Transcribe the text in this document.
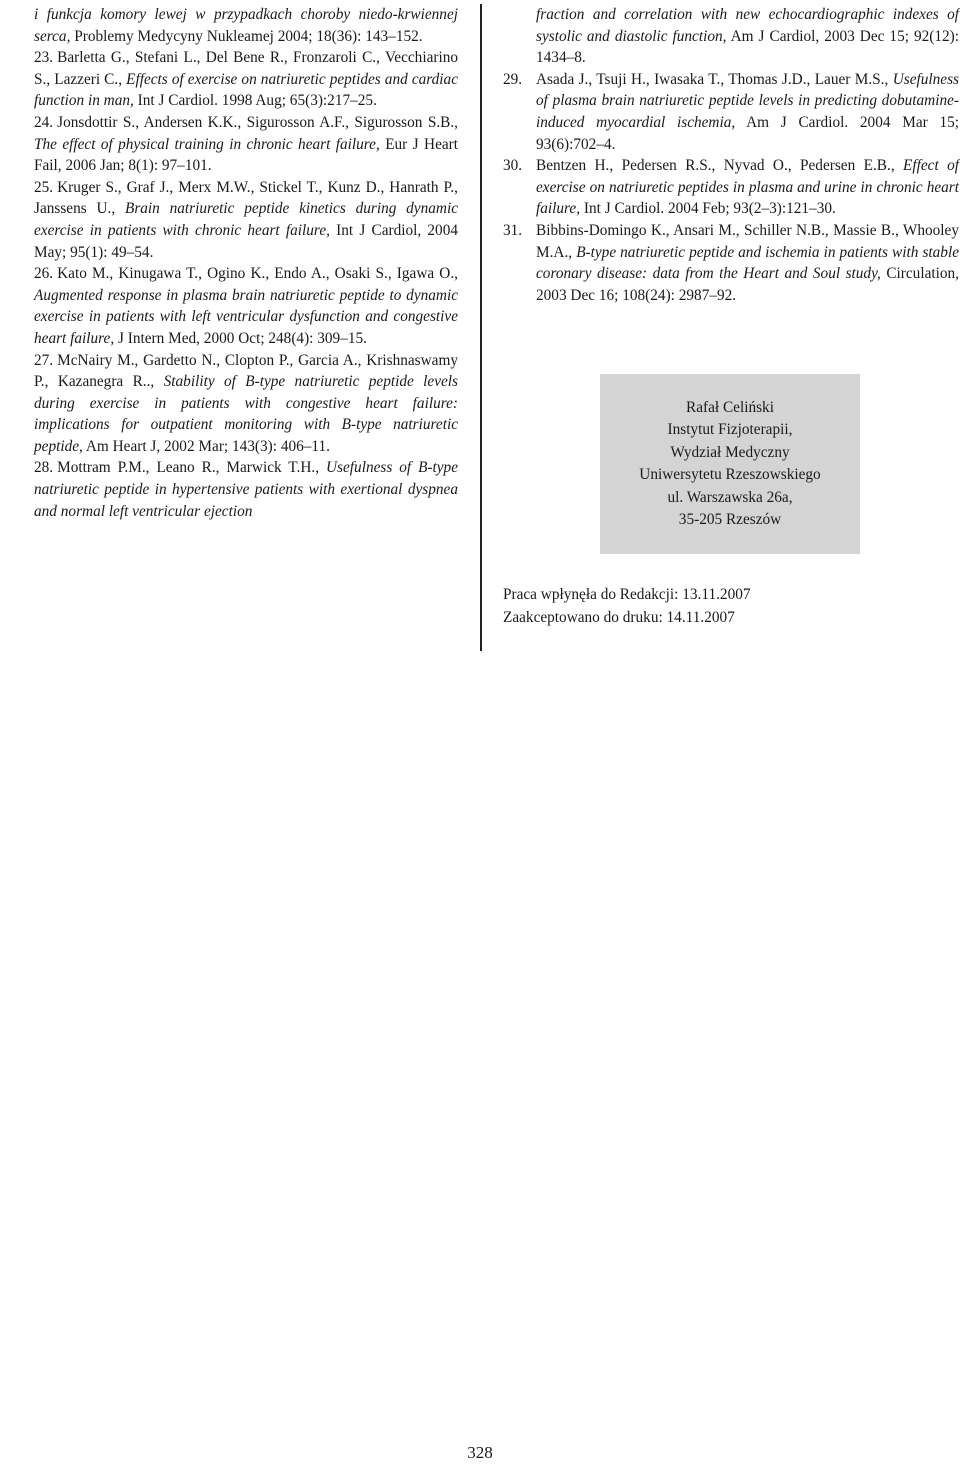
i funkcja komory lewej w przypadkach choroby niedo-krwiennej serca, Problemy Medycyny Nukleamej 2004; 18(36): 143–152.

23. Barletta G., Stefani L., Del Bene R., Fronzaroli C., Vecchiarino S., Lazzeri C., Effects of exercise on natriuretic peptides and cardiac function in man, Int J Cardiol. 1998 Aug; 65(3):217–25.

24. Jonsdottir S., Andersen K.K., Sigurosson A.F., Sigurosson S.B., The effect of physical training in chronic heart failure, Eur J Heart Fail, 2006 Jan; 8(1): 97–101.

25. Kruger S., Graf J., Merx M.W., Stickel T., Kunz D., Hanrath P., Janssens U., Brain natriuretic peptide kinetics during dynamic exercise in patients with chronic heart failure, Int J Cardiol, 2004 May; 95(1): 49–54.

26. Kato M., Kinugawa T., Ogino K., Endo A., Osaki S., Igawa O., Augmented response in plasma brain natriuretic peptide to dynamic exercise in patients with left ventricular dysfunction and congestive heart failure, J Intern Med, 2000 Oct; 248(4): 309–15.

27. McNairy M., Gardetto N., Clopton P., Garcia A., Krishnaswamy P., Kazanegra R.., Stability of B-type natriuretic peptide levels during exercise in patients with congestive heart failure: implications for outpatient monitoring with B-type natriuretic peptide, Am Heart J, 2002 Mar; 143(3): 406–11.

28. Mottram P.M., Leano R., Marwick T.H., Usefulness of B-type natriuretic peptide in hypertensive patients with exertional dyspnea and normal left ventricular ejection

fraction and correlation with new echocardiographic indexes of systolic and diastolic function, Am J Cardiol, 2003 Dec 15; 92(12): 1434–8.

29. Asada J., Tsuji H., Iwasaka T., Thomas J.D., Lauer M.S., Usefulness of plasma brain natriuretic peptide levels in predicting dobutamine-induced myocardial ischemia, Am J Cardiol. 2004 Mar 15; 93(6):702–4.

30. Bentzen H., Pedersen R.S., Nyvad O., Pedersen E.B., Effect of exercise on natriuretic peptides in plasma and urine in chronic heart failure, Int J Cardiol. 2004 Feb; 93(2–3):121–30.

31. Bibbins-Domingo K., Ansari M., Schiller N.B., Massie B., Whooley M.A., B-type natriuretic peptide and ischemia in patients with stable coronary disease: data from the Heart and Soul study, Circulation, 2003 Dec 16; 108(24): 2987–92.

Rafał Celiński
Instytut Fizjoterapii,
Wydział Medyczny
Uniwersytetu Rzeszowskiego
ul. Warszawska 26a,
35-205 Rzeszów
Praca wpłynęła do Redakcji: 13.11.2007
Zaakceptowano do druku: 14.11.2007
328
